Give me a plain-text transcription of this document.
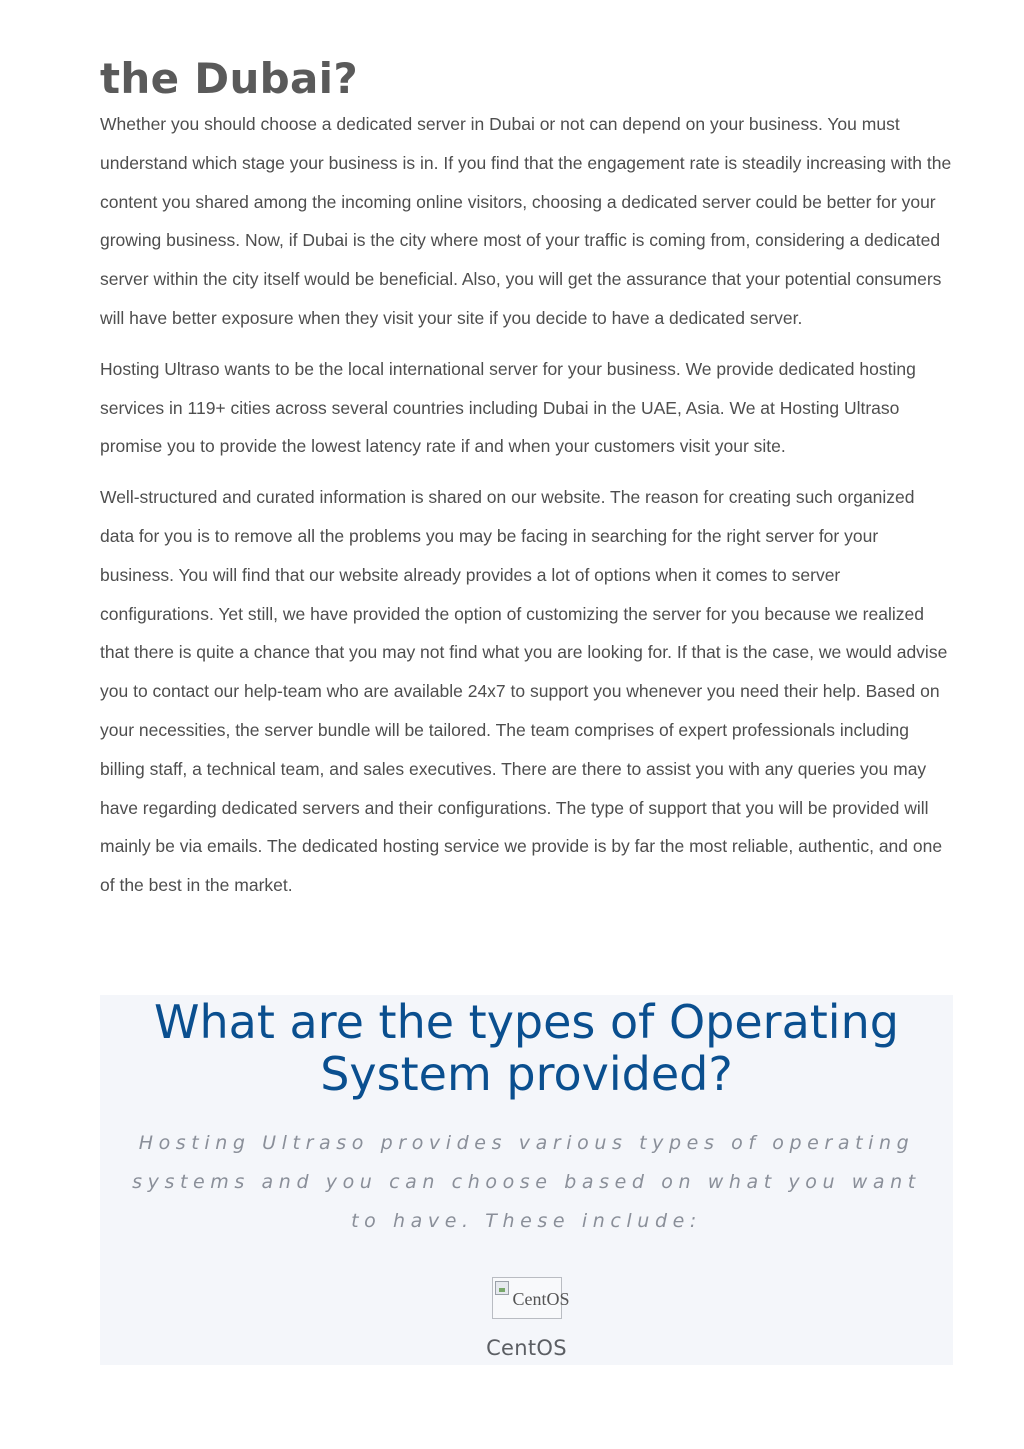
the Dubai?

Whether you should choose a dedicated server in Dubai or not can depend on your business. You must understand which stage your business is in. If you find that the engagement rate is steadily increasing with the content you shared among the incoming online visitors, choosing a dedicated server could be better for your growing business. Now, if Dubai is the city where most of your traffic is coming from, considering a dedicated server within the city itself would be beneficial. Also, you will get the assurance that your potential consumers will have better exposure when they visit your site if you decide to have a dedicated server.

Hosting Ultraso wants to be the local international server for your business. We provide dedicated hosting services in 119+ cities across several countries including Dubai in the UAE, Asia. We at Hosting Ultraso promise you to provide the lowest latency rate if and when your customers visit your site.

Well-structured and curated information is shared on our website. The reason for creating such organized data for you is to remove all the problems you may be facing in searching for the right server for your business. You will find that our website already provides a lot of options when it comes to server configurations. Yet still, we have provided the option of customizing the server for you because we realized that there is quite a chance that you may not find what you are looking for. If that is the case, we would advise you to contact our help-team who are available 24x7 to support you whenever you need their help. Based on your necessities, the server bundle will be tailored. The team comprises of expert professionals including billing staff, a technical team, and sales executives. There are there to assist you with any queries you may have regarding dedicated servers and their configurations. The type of support that you will be provided will mainly be via emails. The dedicated hosting service we provide is by far the most reliable, authentic, and one of the best in the market.

What are the types of Operating System provided?

Hosting Ultraso provides various types of operating systems and you can choose based on what you want to have. These include:

CentOS
CentOS
